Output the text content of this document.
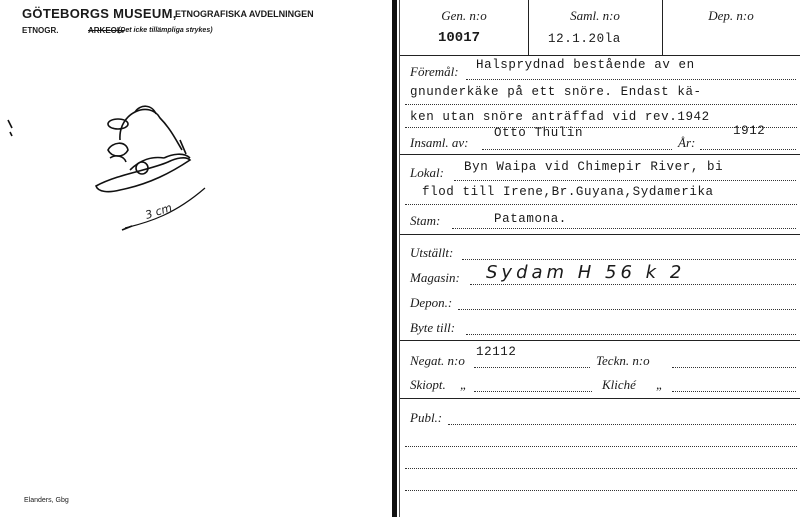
GÖTEBORGS MUSEUM,
ETNOGRAFISKA AVDELNINGEN
ETNOGR.	ARKEOL.
(Det icke tillämpliga strykes)
3 cm
Elanders, Gbg
Gen. n:o
10017
Saml. n:o
12.1.20la
Dep. n:o
Föremål: Halsprydnad bestående av en
gnunderkäke på ett snöre. Endast kä-
ken utan snöre anträffad vid rev.1942
Insaml. av:
Otto Thulin
År:
1912
Lokal: Byn Waipa vid Chimepir River, bi
flod till Irene,Br.Guyana,Sydamerika
Stam:	Patamona.
Utställt:
Magasin: Sydam H 56 k 2
Depon.:
Byte till:
Negat. n:o
12112
Teckn. n:o
Skiopt. „	Kliché „
Publ.:
